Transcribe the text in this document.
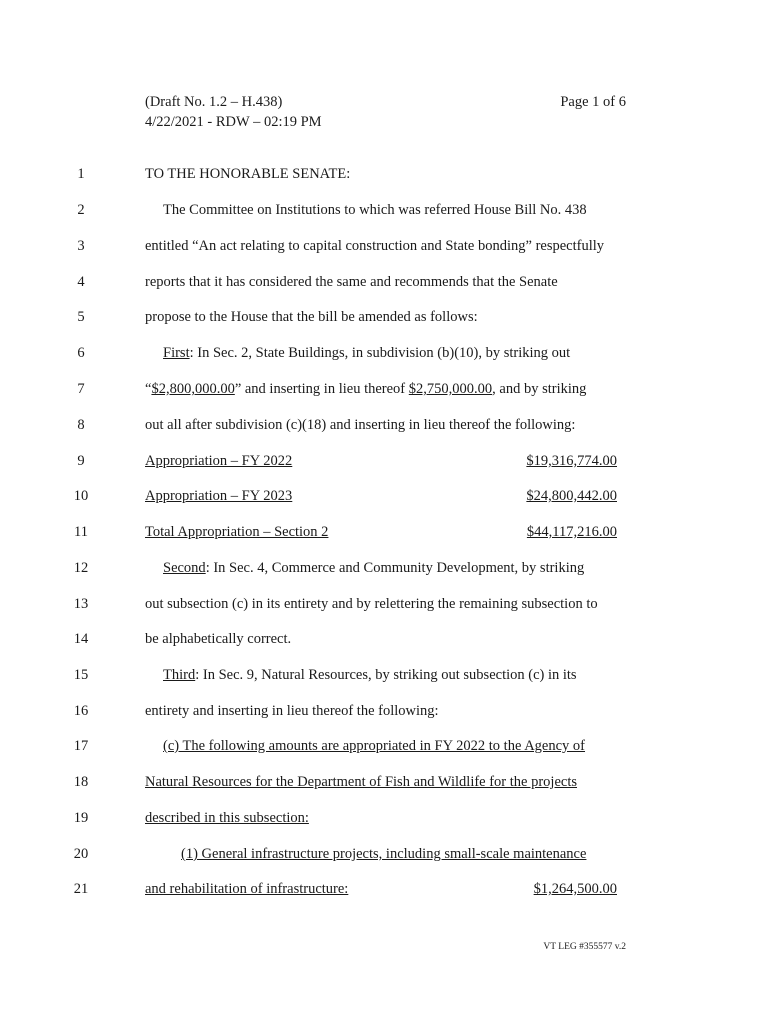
(Draft No. 1.2 – H.438)
4/22/2021 - RDW – 02:19 PM
Page 1 of 6
1	TO THE HONORABLE SENATE:
2	The Committee on Institutions to which was referred House Bill No. 438
3	entitled “An act relating to capital construction and State bonding” respectfully
4	reports that it has considered the same and recommends that the Senate
5	propose to the House that the bill be amended as follows:
6	First: In Sec. 2, State Buildings, in subdivision (b)(10), by striking out
7	“$2,800,000.00” and inserting in lieu thereof $2,750,000.00, and by striking
8	out all after subdivision (c)(18) and inserting in lieu thereof the following:
9	Appropriation – FY 2022	$19,316,774.00
10	Appropriation – FY 2023	$24,800,442.00
11	Total Appropriation – Section 2	$44,117,216.00
12	Second: In Sec. 4, Commerce and Community Development, by striking
13	out subsection (c) in its entirety and by relettering the remaining subsection to
14	be alphabetically correct.
15	Third: In Sec. 9, Natural Resources, by striking out subsection (c) in its
16	entirety and inserting in lieu thereof the following:
17	(c) The following amounts are appropriated in FY 2022 to the Agency of
18	Natural Resources for the Department of Fish and Wildlife for the projects
19	described in this subsection:
20	(1) General infrastructure projects, including small-scale maintenance
21	and rehabilitation of infrastructure:	$1,264,500.00
VT LEG #355577 v.2
